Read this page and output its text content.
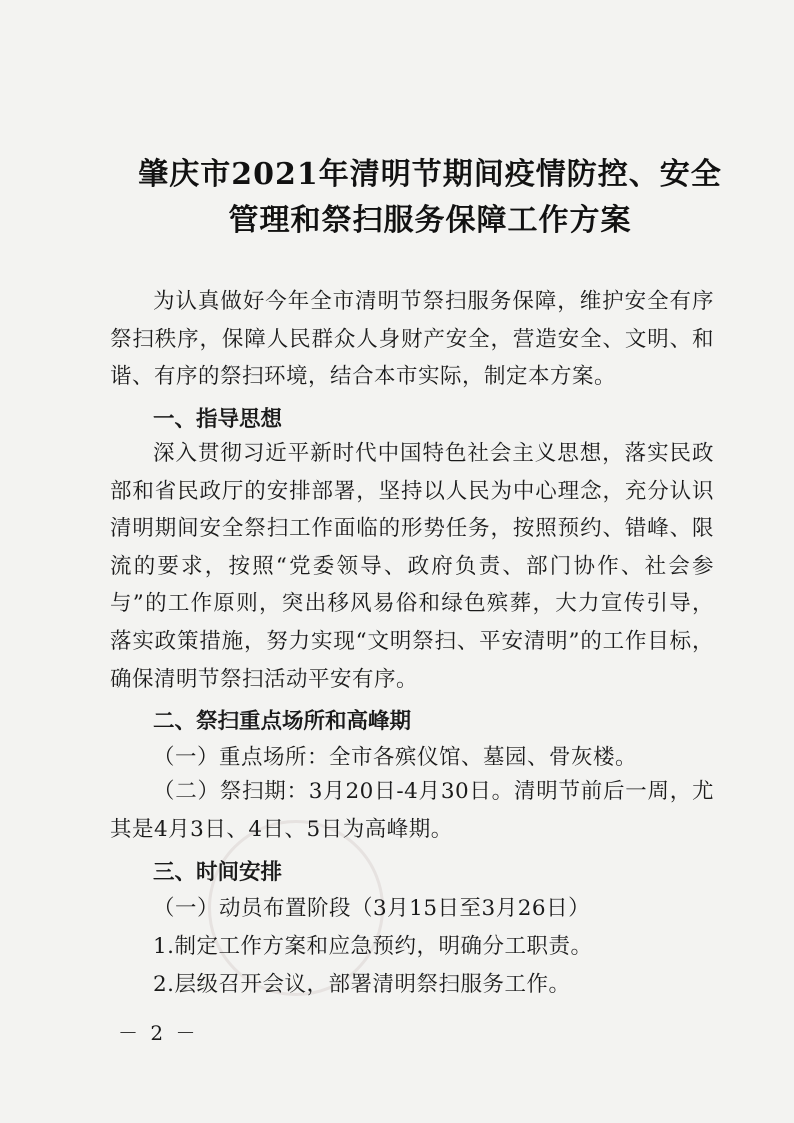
肇庆市2021年清明节期间疫情防控、安全
管理和祭扫服务保障工作方案
为认真做好今年全市清明节祭扫服务保障，维护安全有序祭扫秩序，保障人民群众人身财产安全，营造安全、文明、和谐、有序的祭扫环境，结合本市实际，制定本方案。
一、指导思想
深入贯彻习近平新时代中国特色社会主义思想，落实民政部和省民政厅的安排部署，坚持以人民为中心理念，充分认识清明期间安全祭扫工作面临的形势任务，按照预约、错峰、限流的要求，按照“党委领导、政府负责、部门协作、社会参与”的工作原则，突出移风易俗和绿色殡葬，大力宣传引导，落实政策措施，努力实现“文明祭扫、平安清明”的工作目标，确保清明节祭扫活动平安有序。
二、祭扫重点场所和高峰期
（一）重点场所：全市各殡仪馆、墓园、骨灰楼。
（二）祭扫期：3月20日-4月30日。清明节前后一周，尤其是4月3日、4日、5日为高峰期。
三、时间安排
（一）动员布置阶段（3月15日至3月26日）
1.制定工作方案和应急预约，明确分工职责。
2.层级召开会议，部署清明祭扫服务工作。
－ 2 －
